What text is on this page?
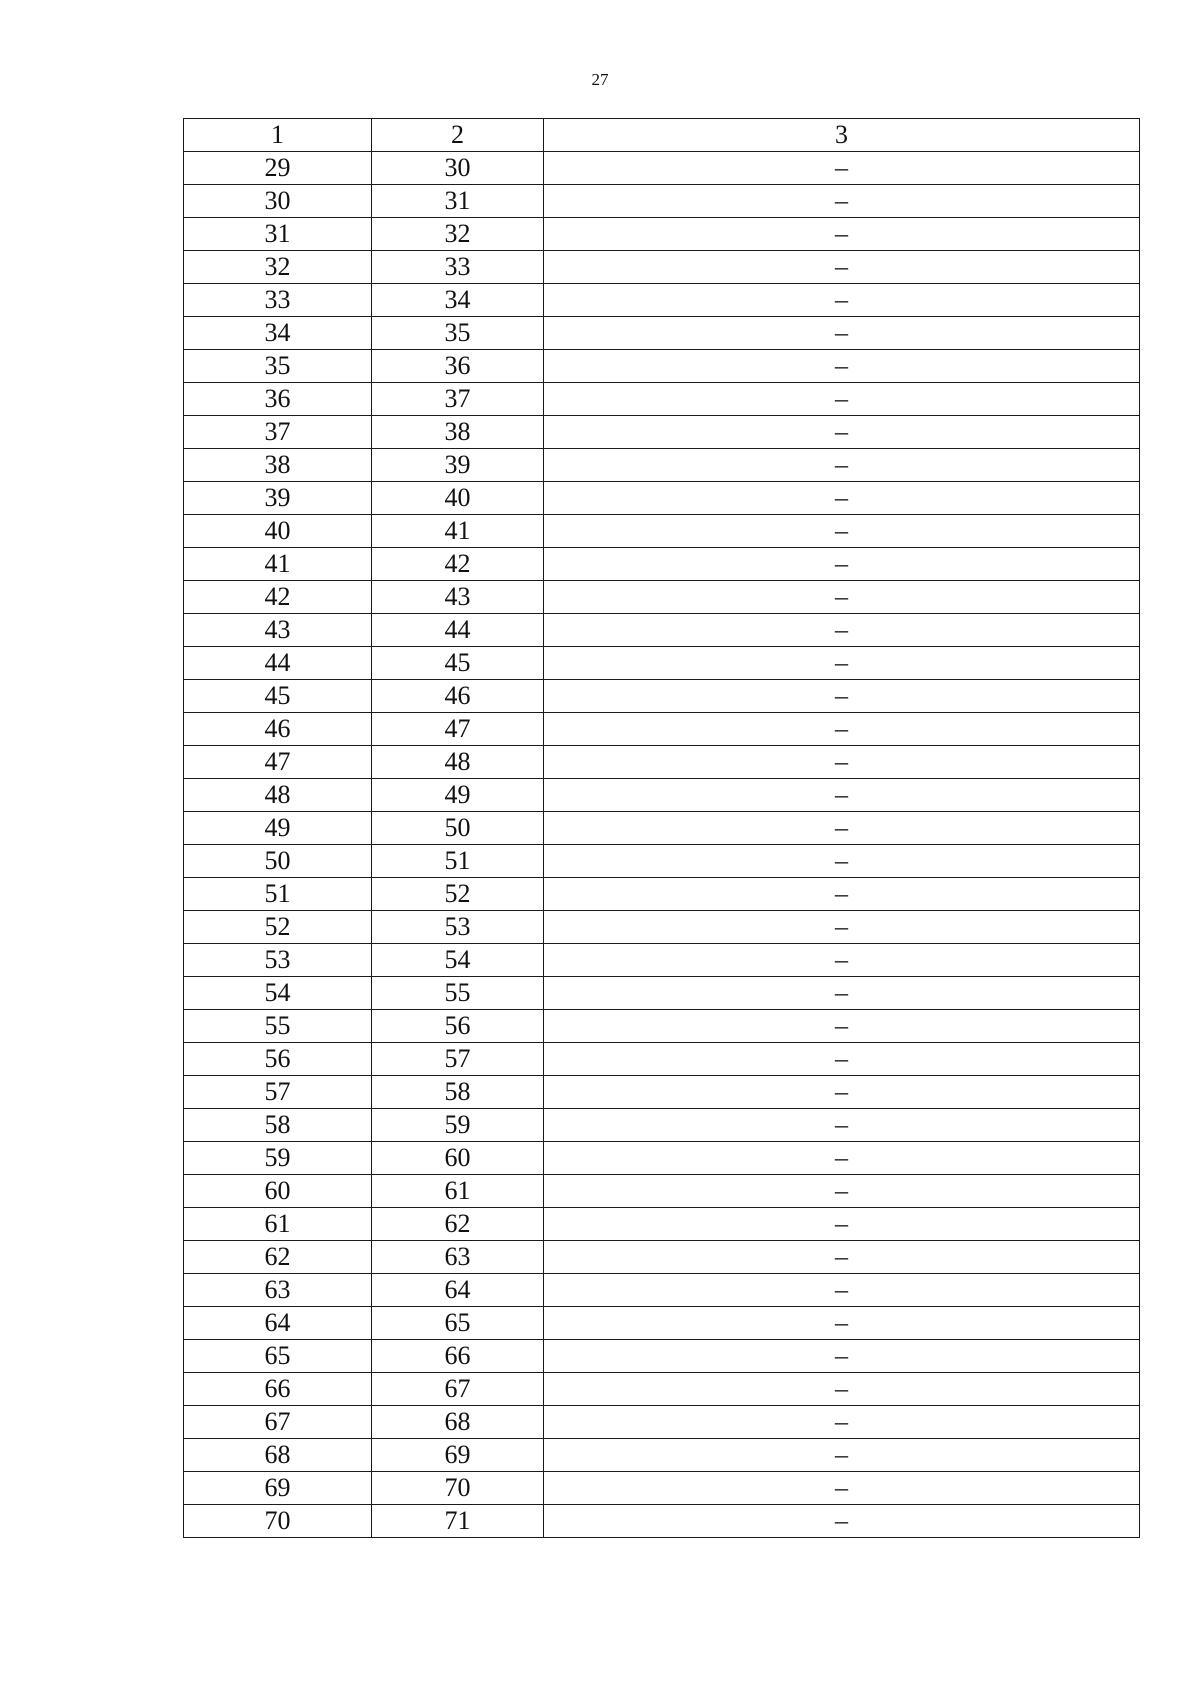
27
1	2	3
29	30	–
30	31	–
31	32	–
32	33	–
33	34	–
34	35	–
35	36	–
36	37	–
37	38	–
38	39	–
39	40	–
40	41	–
41	42	–
42	43	–
43	44	–
44	45	–
45	46	–
46	47	–
47	48	–
48	49	–
49	50	–
50	51	–
51	52	–
52	53	–
53	54	–
54	55	–
55	56	–
56	57	–
57	58	–
58	59	–
59	60	–
60	61	–
61	62	–
62	63	–
63	64	–
64	65	–
65	66	–
66	67	–
67	68	–
68	69	–
69	70	–
70	71	–
